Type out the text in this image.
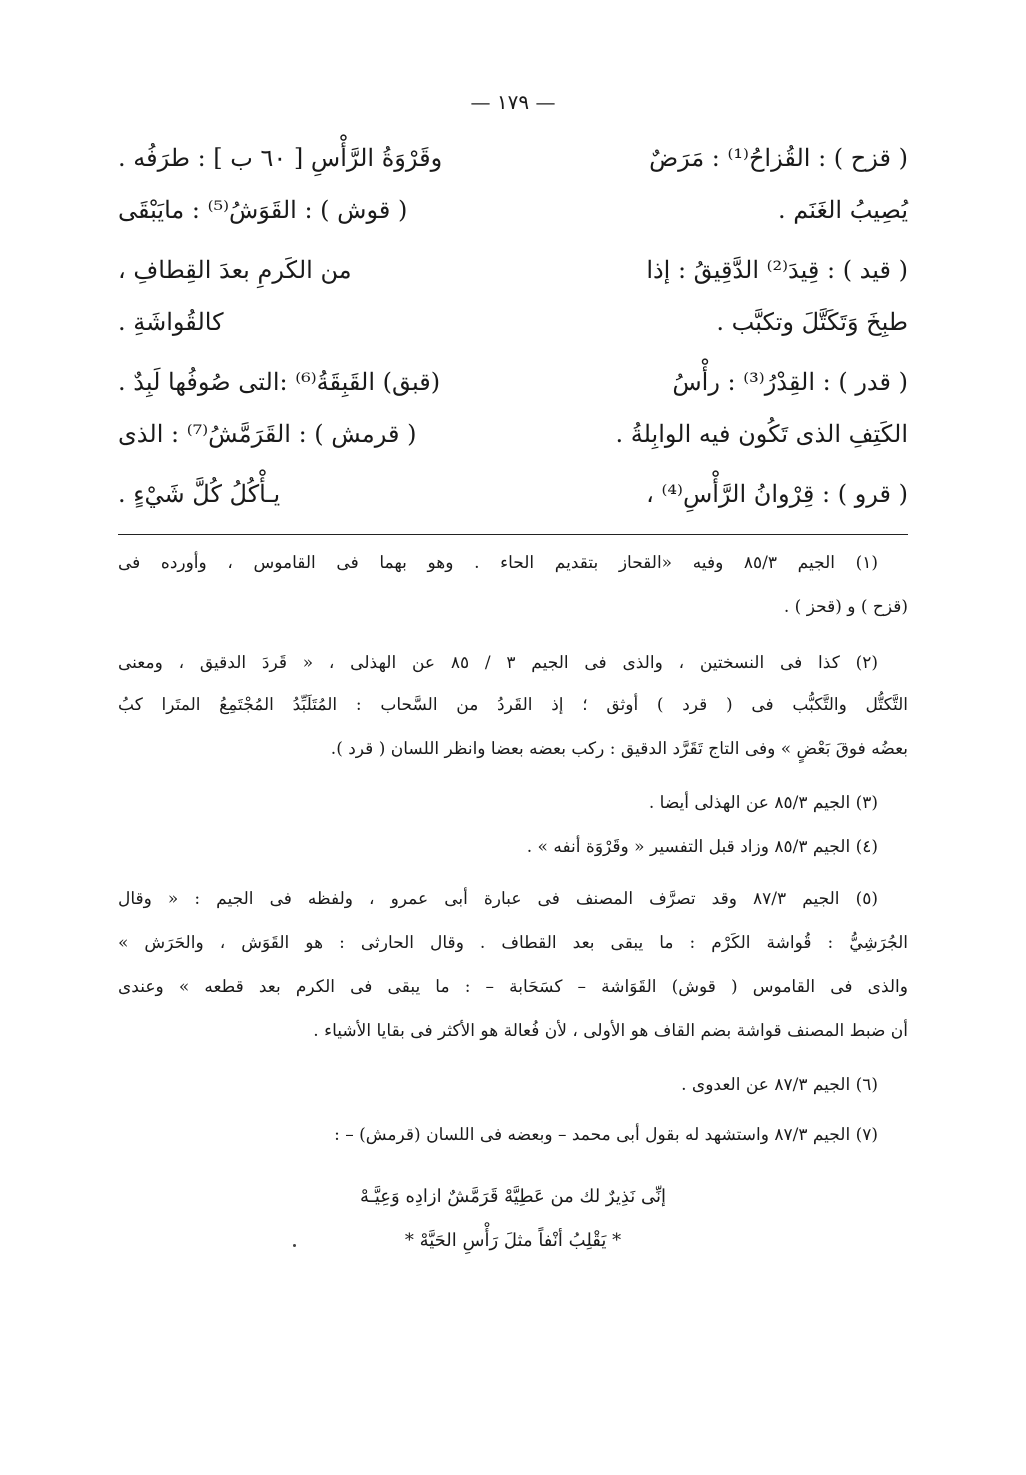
— ١٧٩ —
( قزح ) : القُزاحُ⁽¹⁾ : مَرَضٌ
وقَرْوَةُ الرَّأْسِ [ ٦٠ ب ] : طرَفُه .
يُصِيبُ الغَنَم .
( قوش ) : القَوَشُ⁽⁵⁾ : مايَبْقَى
( قيد ) : قِيدَ⁽²⁾ الدَّقِيقُ : إذا
من الكَرمِ بعدَ القِطافِ ،
طبِخَ وَتَكَتَّلَ وتكبَّب .
كالقُواشَةِ .
( قدر ) : القِدْرُ⁽³⁾ : رأْسُ
(قبق) القَبِقَةُ⁽⁶⁾ :التى صُوفُها لَبِدٌ .
الكَتِفِ الذى تَكُون فيه الوابِلةُ .
( قرمش ) : القَرَمَّشُ⁽⁷⁾ : الذى
( قرو ) : قِرْوانُ الرَّأْسِ⁽⁴⁾ ،
يـأْكُلُ كُلَّ شَيْءٍ .
(١) الجيم ٨٥/٣ وفيه «القحاز بتقديم الحاء . وهو بهما فى القاموس ، وأورده فى
(قزح ) و (قحز ) .
(٢) كذا فى النسختين ، والذى فى الجيم ٣ / ٨٥ عن الهذلى ، « قَردَ الدقيق ، ومعنى
التَّكتُّل والتَّكبُّب فى ( قرد ) أوثق ؛ إذ القَردُ من السَّحاب : المُتَلَبِّدُ المُجْتَمِعُ المتَرا كبُ
بعضُه فوقَ بَعْضٍ » وفى التاج تَقَرَّد الدقيق : ركب بعضه بعضا وانظر اللسان ( قرد ).
(٣) الجيم ٨٥/٣ عن الهذلى أيضا .
(٤) الجيم ٨٥/٣ وزاد قبل التفسير « وقَرْوَة أنفه » .
(٥) الجيم ٨٧/٣ وقد تصرَّف المصنف فى عبارة أبى عمرو ، ولفظه فى الجيم : « وقال
الجُرَشِيُّ : قُواشة الكَرْم : ما يبقى بعد القطاف . وقال الحارثى : هو القَوَش ، والحَرَش »
والذى فى القاموس ( قوش) القَوَاشة – كسَحَابة – : ما يبقى فى الكرم بعد قطعه » وعندى
أن ضبط المصنف قواشة بضم القاف هو الأولى ، لأن فُعالة هو الأكثر فى بقايا الأشياء .
(٦) الجيم ٨٧/٣ عن العدوى .
(٧) الجيم ٨٧/٣ واستشهد له بقول أبى محمد – وبعضه فى اللسان (قرمش) – :
إنِّى نَذِيرٌ لك من عَطِيَّهْ قَرَمَّشٌ ازادِه وَعِيَّـهْ
* يَقْلِبُ أنْفاً مثلَ رَأْسِ الحَيَّهْ *
